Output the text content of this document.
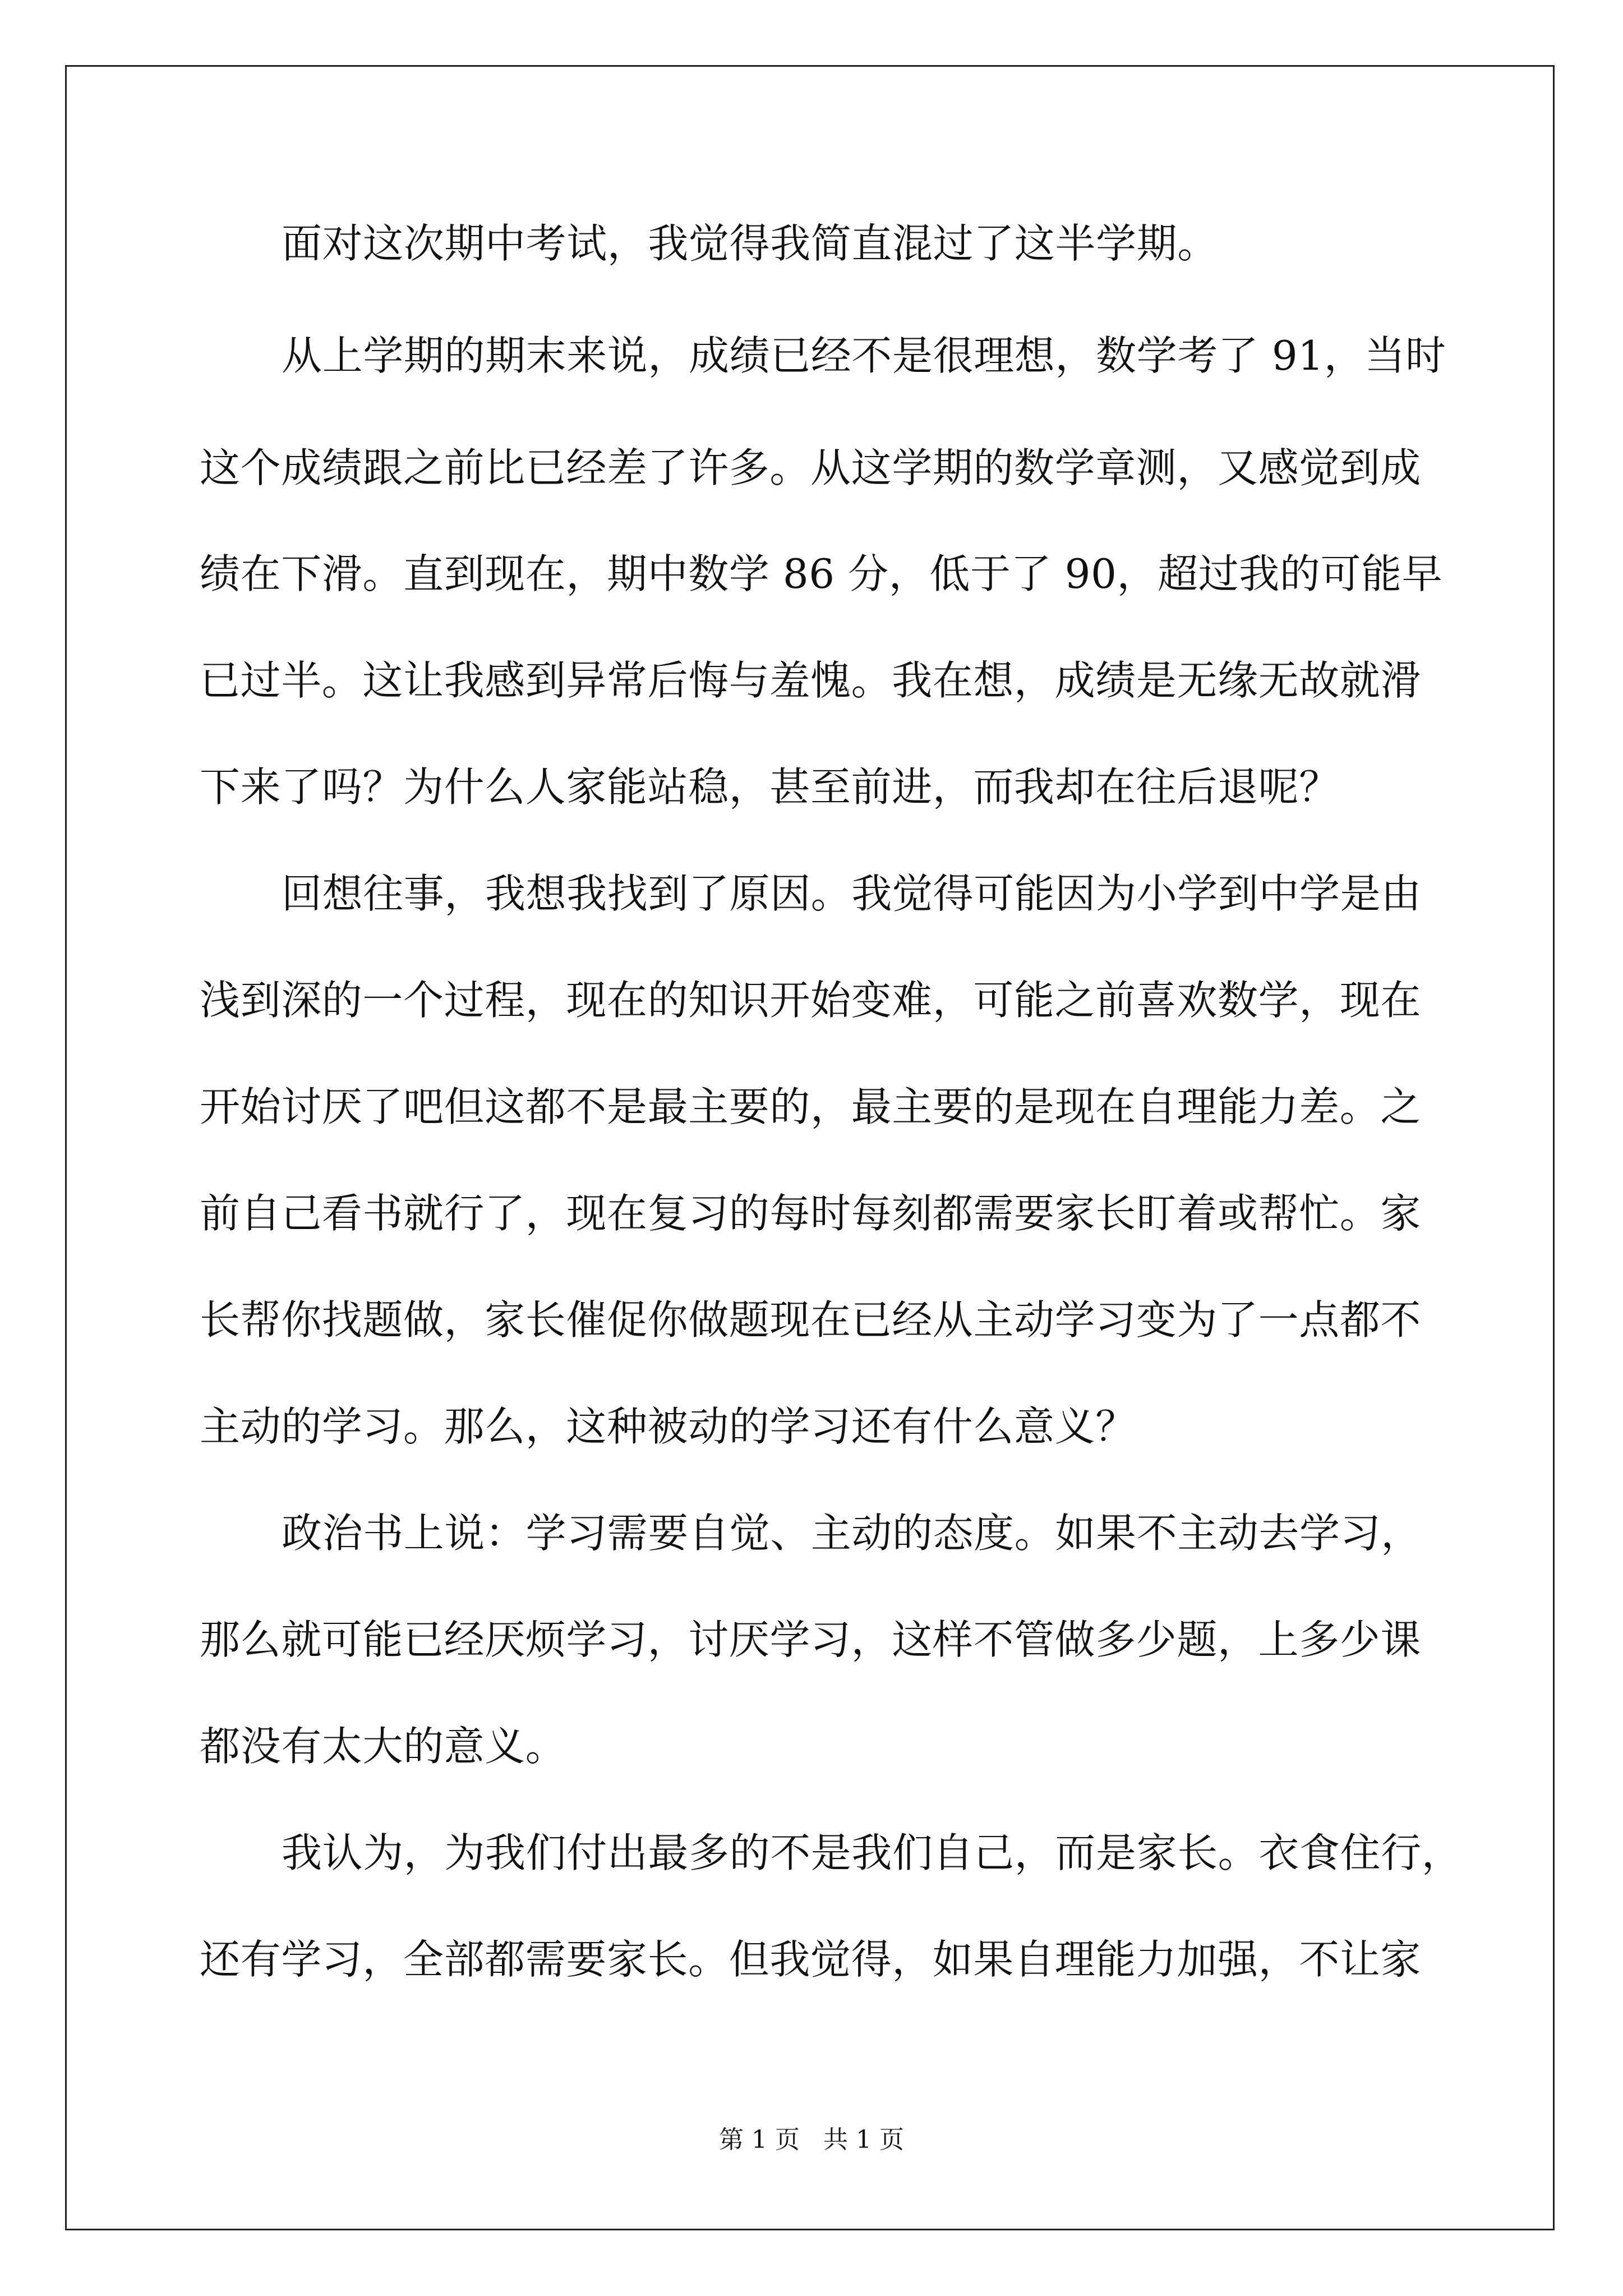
面对这次期中考试，我觉得我简直混过了这半学期。

从上学期的期末来说，成绩已经不是很理想，数学考了 91，当时

这个成绩跟之前比已经差了许多。从这学期的数学章测，又感觉到成

绩在下滑。直到现在，期中数学 86 分，低于了 90，超过我的可能早

已过半。这让我感到异常后悔与羞愧。我在想，成绩是无缘无故就滑

下来了吗？为什么人家能站稳，甚至前进，而我却在往后退呢？

回想往事，我想我找到了原因。我觉得可能因为小学到中学是由

浅到深的一个过程，现在的知识开始变难，可能之前喜欢数学，现在

开始讨厌了吧但这都不是最主要的，最主要的是现在自理能力差。之

前自己看书就行了，现在复习的每时每刻都需要家长盯着或帮忙。家

长帮你找题做，家长催促你做题现在已经从主动学习变为了一点都不

主动的学习。那么，这种被动的学习还有什么意义？

政治书上说：学习需要自觉、主动的态度。如果不主动去学习，

那么就可能已经厌烦学习，讨厌学习，这样不管做多少题，上多少课

都没有太大的意义。

我认为，为我们付出最多的不是我们自己，而是家长。衣食住行，

还有学习，全部都需要家长。但我觉得，如果自理能力加强，不让家

第 1 页   共 1 页
